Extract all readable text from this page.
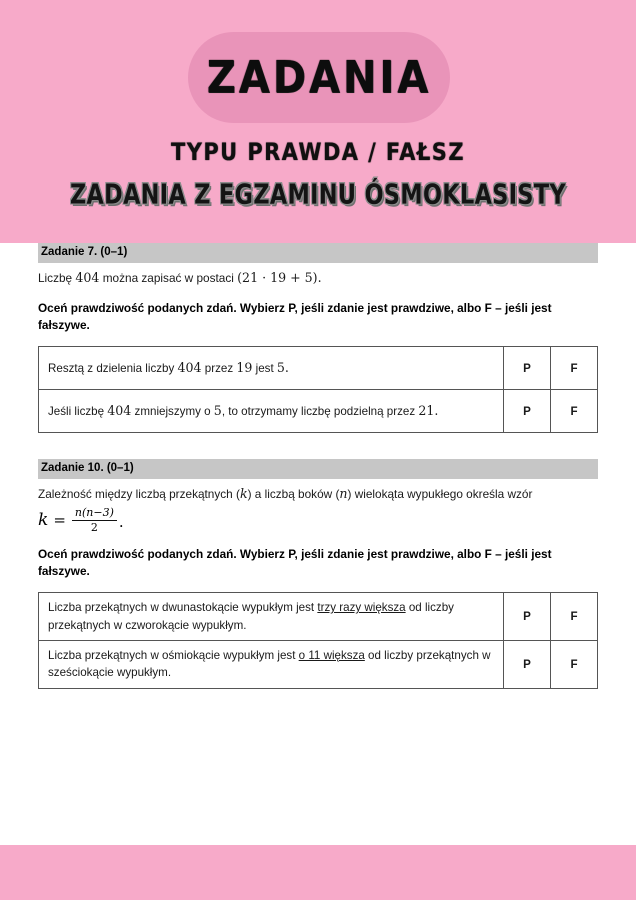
ZADANIA
TYPU PRAWDA / FAŁSZ
ZADANIA Z EGZAMINU ÓSMOKLASISTY
Zadanie 7. (0–1)
Liczbę 404 można zapisać w postaci (21 · 19 + 5).
Oceń prawdziwość podanych zdań. Wybierz P, jeśli zdanie jest prawdziwe, albo F – jeśli jest fałszywe.
Resztą z dzielenia liczby 404 przez 19 jest 5.	P	F
Jeśli liczbę 404 zmniejszymy o 5, to otrzymamy liczbę podzielną przez 21.	P	F
Zadanie 10. (0–1)
Zależność między liczbą przekątnych (k) a liczbą boków (n) wielokąta wypukłego określa wzór
$k = \frac{n(n-3)}{2}$ .
Oceń prawdziwość podanych zdań. Wybierz P, jeśli zdanie jest prawdziwe, albo F – jeśli jest fałszywe.
Liczba przekątnych w dwunastokącie wypukłym jest trzy razy większa od liczby przekątnych w czworokącie wypukłym.	P	F
Liczba przekątnych w ośmiokącie wypukłym jest o 11 większa od liczby przekątnych w sześciokącie wypukłym.	P	F
